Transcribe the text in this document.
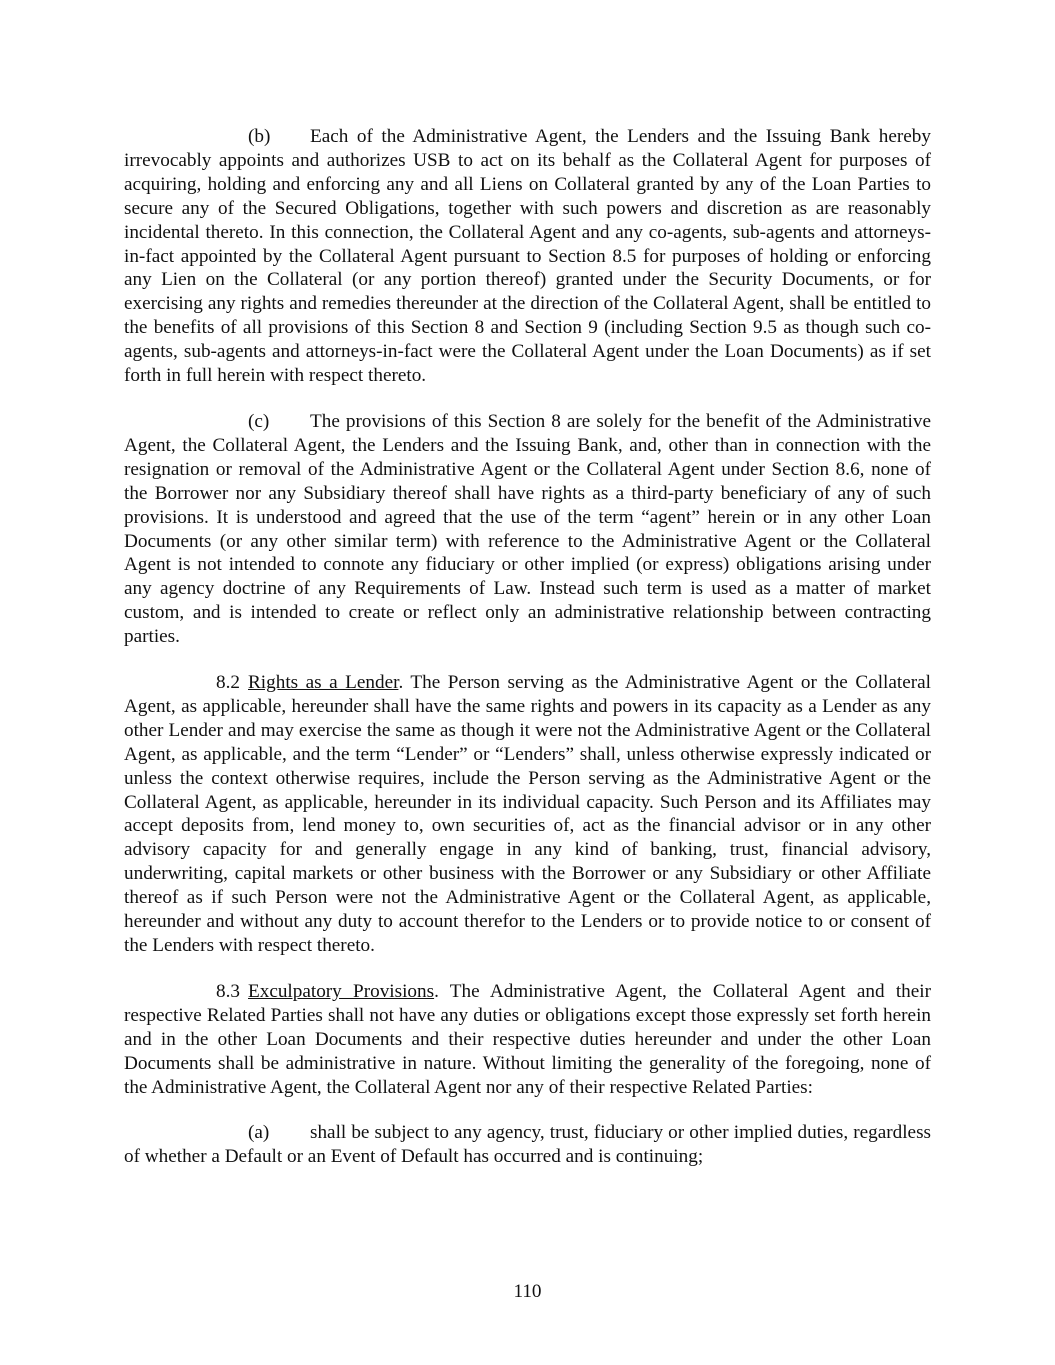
(b) Each of the Administrative Agent, the Lenders and the Issuing Bank hereby irrevocably appoints and authorizes USB to act on its behalf as the Collateral Agent for purposes of acquiring, holding and enforcing any and all Liens on Collateral granted by any of the Loan Parties to secure any of the Secured Obligations, together with such powers and discretion as are reasonably incidental thereto. In this connection, the Collateral Agent and any co-agents, sub-agents and attorneys-in-fact appointed by the Collateral Agent pursuant to Section 8.5 for purposes of holding or enforcing any Lien on the Collateral (or any portion thereof) granted under the Security Documents, or for exercising any rights and remedies thereunder at the direction of the Collateral Agent, shall be entitled to the benefits of all provisions of this Section 8 and Section 9 (including Section 9.5 as though such co-agents, sub-agents and attorneys-in-fact were the Collateral Agent under the Loan Documents) as if set forth in full herein with respect thereto.

(c) The provisions of this Section 8 are solely for the benefit of the Administrative Agent, the Collateral Agent, the Lenders and the Issuing Bank, and, other than in connection with the resignation or removal of the Administrative Agent or the Collateral Agent under Section 8.6, none of the Borrower nor any Subsidiary thereof shall have rights as a third-party beneficiary of any of such provisions. It is understood and agreed that the use of the term “agent” herein or in any other Loan Documents (or any other similar term) with reference to the Administrative Agent or the Collateral Agent is not intended to connote any fiduciary or other implied (or express) obligations arising under any agency doctrine of any Requirements of Law. Instead such term is used as a matter of market custom, and is intended to create or reflect only an administrative relationship between contracting parties.

8.2 Rights as a Lender. The Person serving as the Administrative Agent or the Collateral Agent, as applicable, hereunder shall have the same rights and powers in its capacity as a Lender as any other Lender and may exercise the same as though it were not the Administrative Agent or the Collateral Agent, as applicable, and the term “Lender” or “Lenders” shall, unless otherwise expressly indicated or unless the context otherwise requires, include the Person serving as the Administrative Agent or the Collateral Agent, as applicable, hereunder in its individual capacity. Such Person and its Affiliates may accept deposits from, lend money to, own securities of, act as the financial advisor or in any other advisory capacity for and generally engage in any kind of banking, trust, financial advisory, underwriting, capital markets or other business with the Borrower or any Subsidiary or other Affiliate thereof as if such Person were not the Administrative Agent or the Collateral Agent, as applicable, hereunder and without any duty to account therefor to the Lenders or to provide notice to or consent of the Lenders with respect thereto.

8.3 Exculpatory Provisions. The Administrative Agent, the Collateral Agent and their respective Related Parties shall not have any duties or obligations except those expressly set forth herein and in the other Loan Documents and their respective duties hereunder and under the other Loan Documents shall be administrative in nature. Without limiting the generality of the foregoing, none of the Administrative Agent, the Collateral Agent nor any of their respective Related Parties:

(a) shall be subject to any agency, trust, fiduciary or other implied duties, regardless of whether a Default or an Event of Default has occurred and is continuing;

110
